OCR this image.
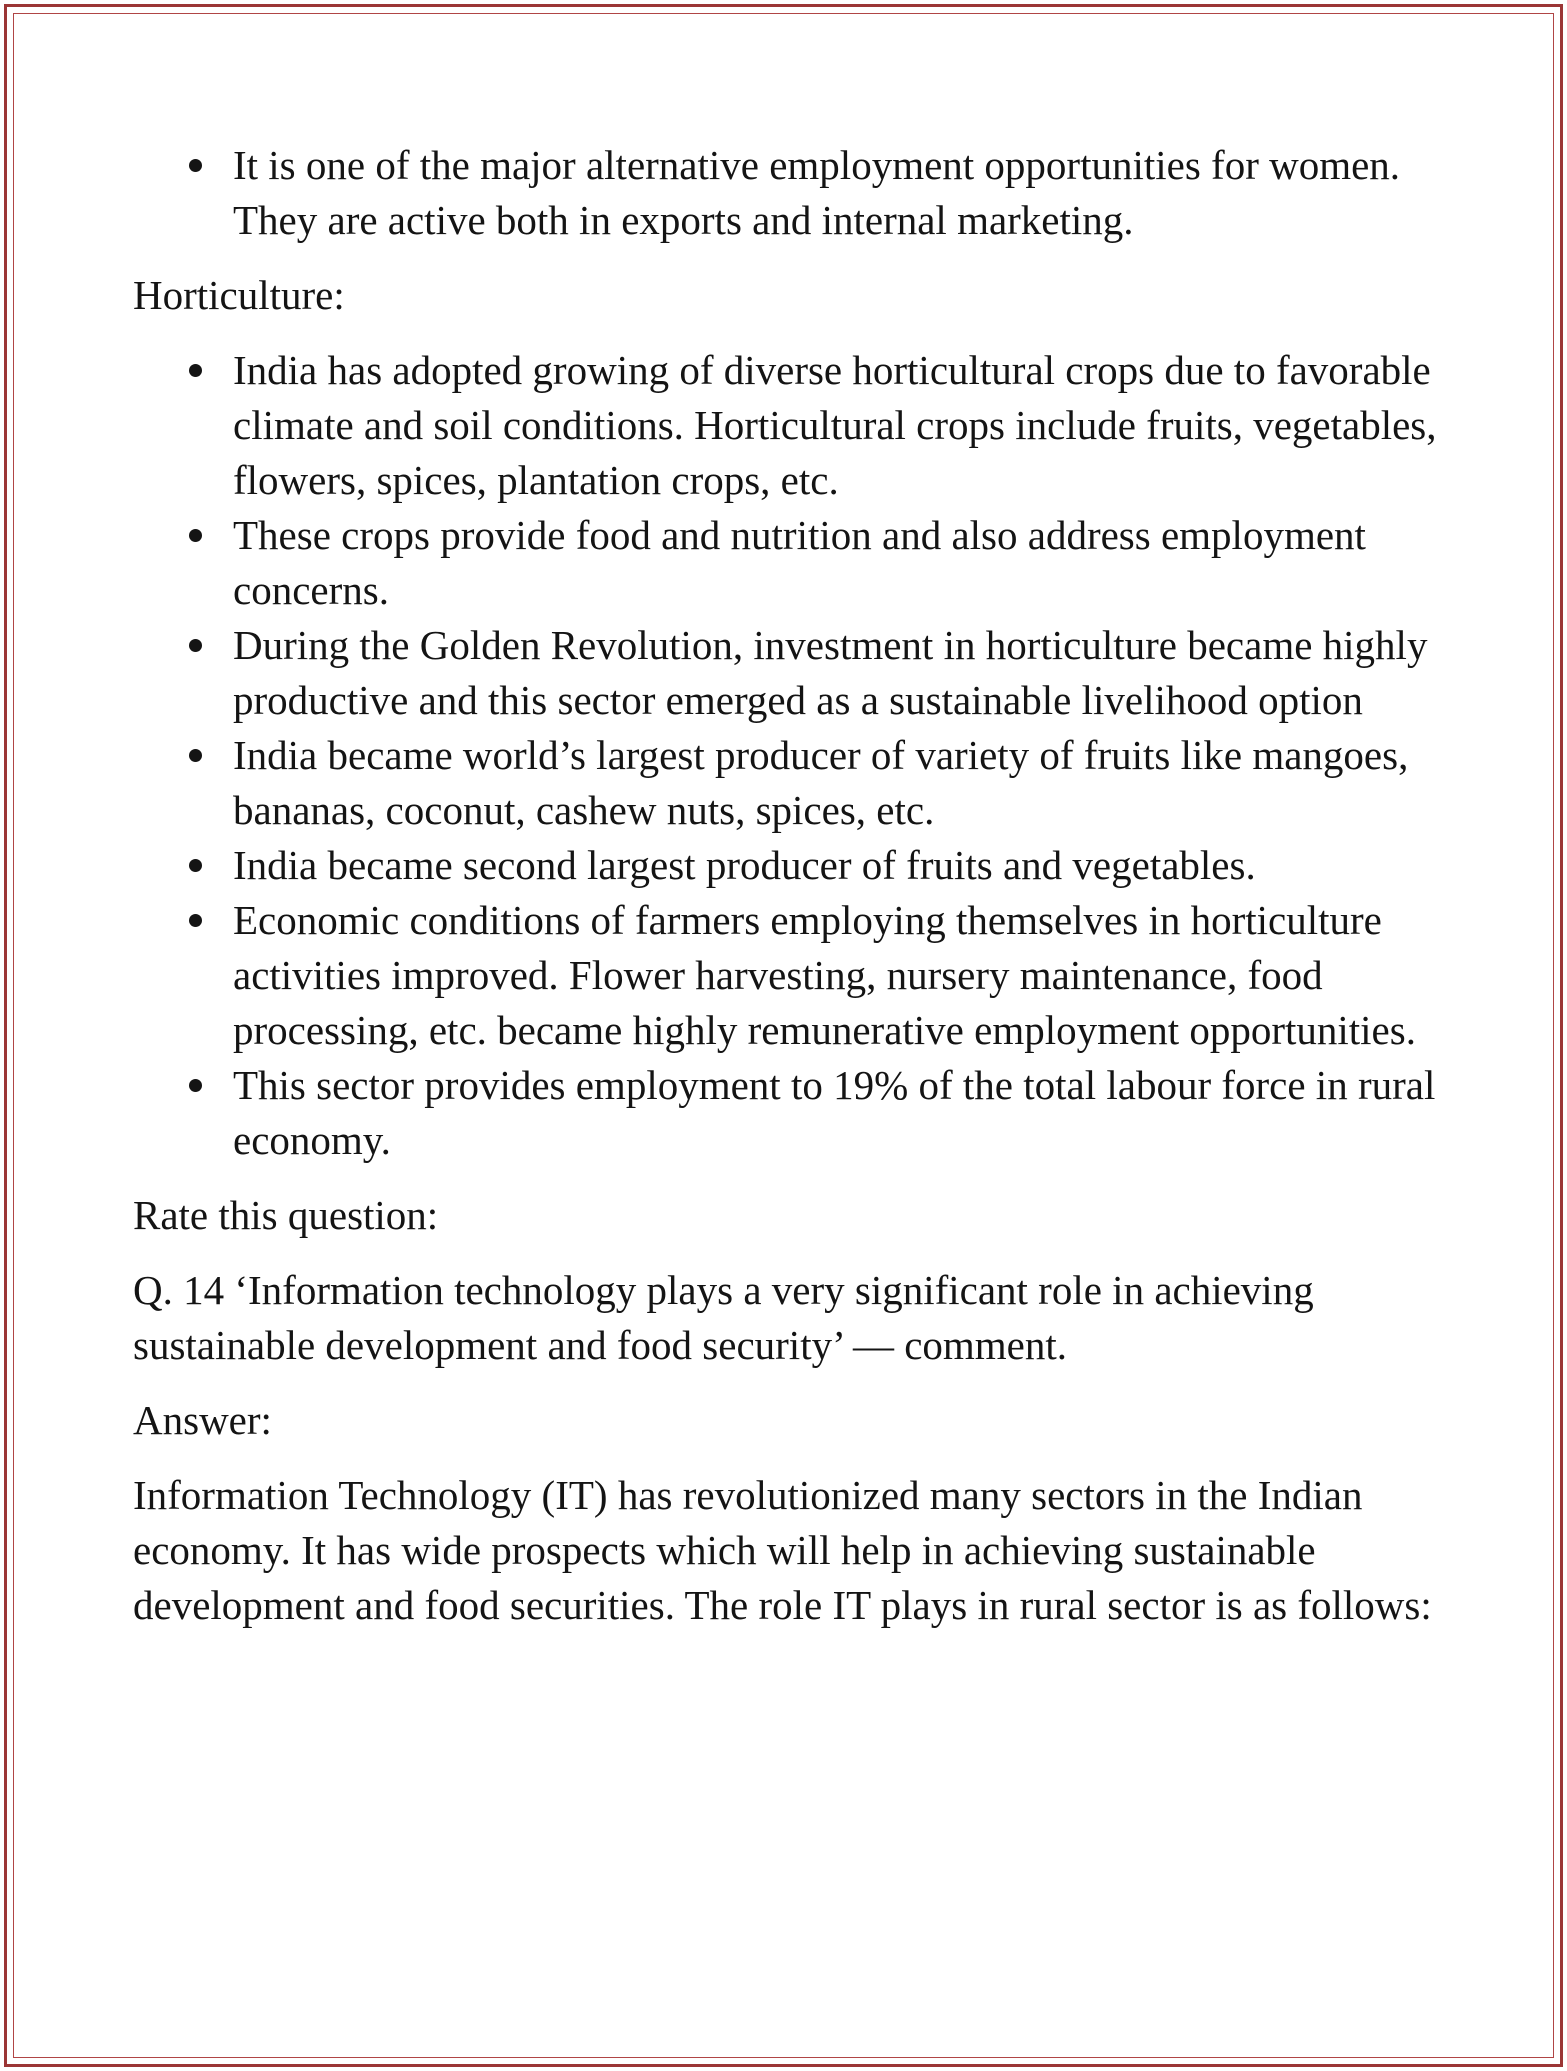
It is one of the major alternative employment opportunities for women. They are active both in exports and internal marketing.

Horticulture:

India has adopted growing of diverse horticultural crops due to favorable climate and soil conditions. Horticultural crops include fruits, vegetables, flowers, spices, plantation crops, etc.
These crops provide food and nutrition and also address employment concerns.
During the Golden Revolution, investment in horticulture became highly productive and this sector emerged as a sustainable livelihood option
India became world’s largest producer of variety of fruits like mangoes, bananas, coconut, cashew nuts, spices, etc.
India became second largest producer of fruits and vegetables.
Economic conditions of farmers employing themselves in horticulture activities improved. Flower harvesting, nursery maintenance, food processing, etc. became highly remunerative employment opportunities.
This sector provides employment to 19% of the total labour force in rural economy.

Rate this question:

Q. 14 ‘Information technology plays a very significant role in achieving sustainable development and food security’ — comment.

Answer:

Information Technology (IT) has revolutionized many sectors in the Indian economy. It has wide prospects which will help in achieving sustainable development and food securities. The role IT plays in rural sector is as follows:
